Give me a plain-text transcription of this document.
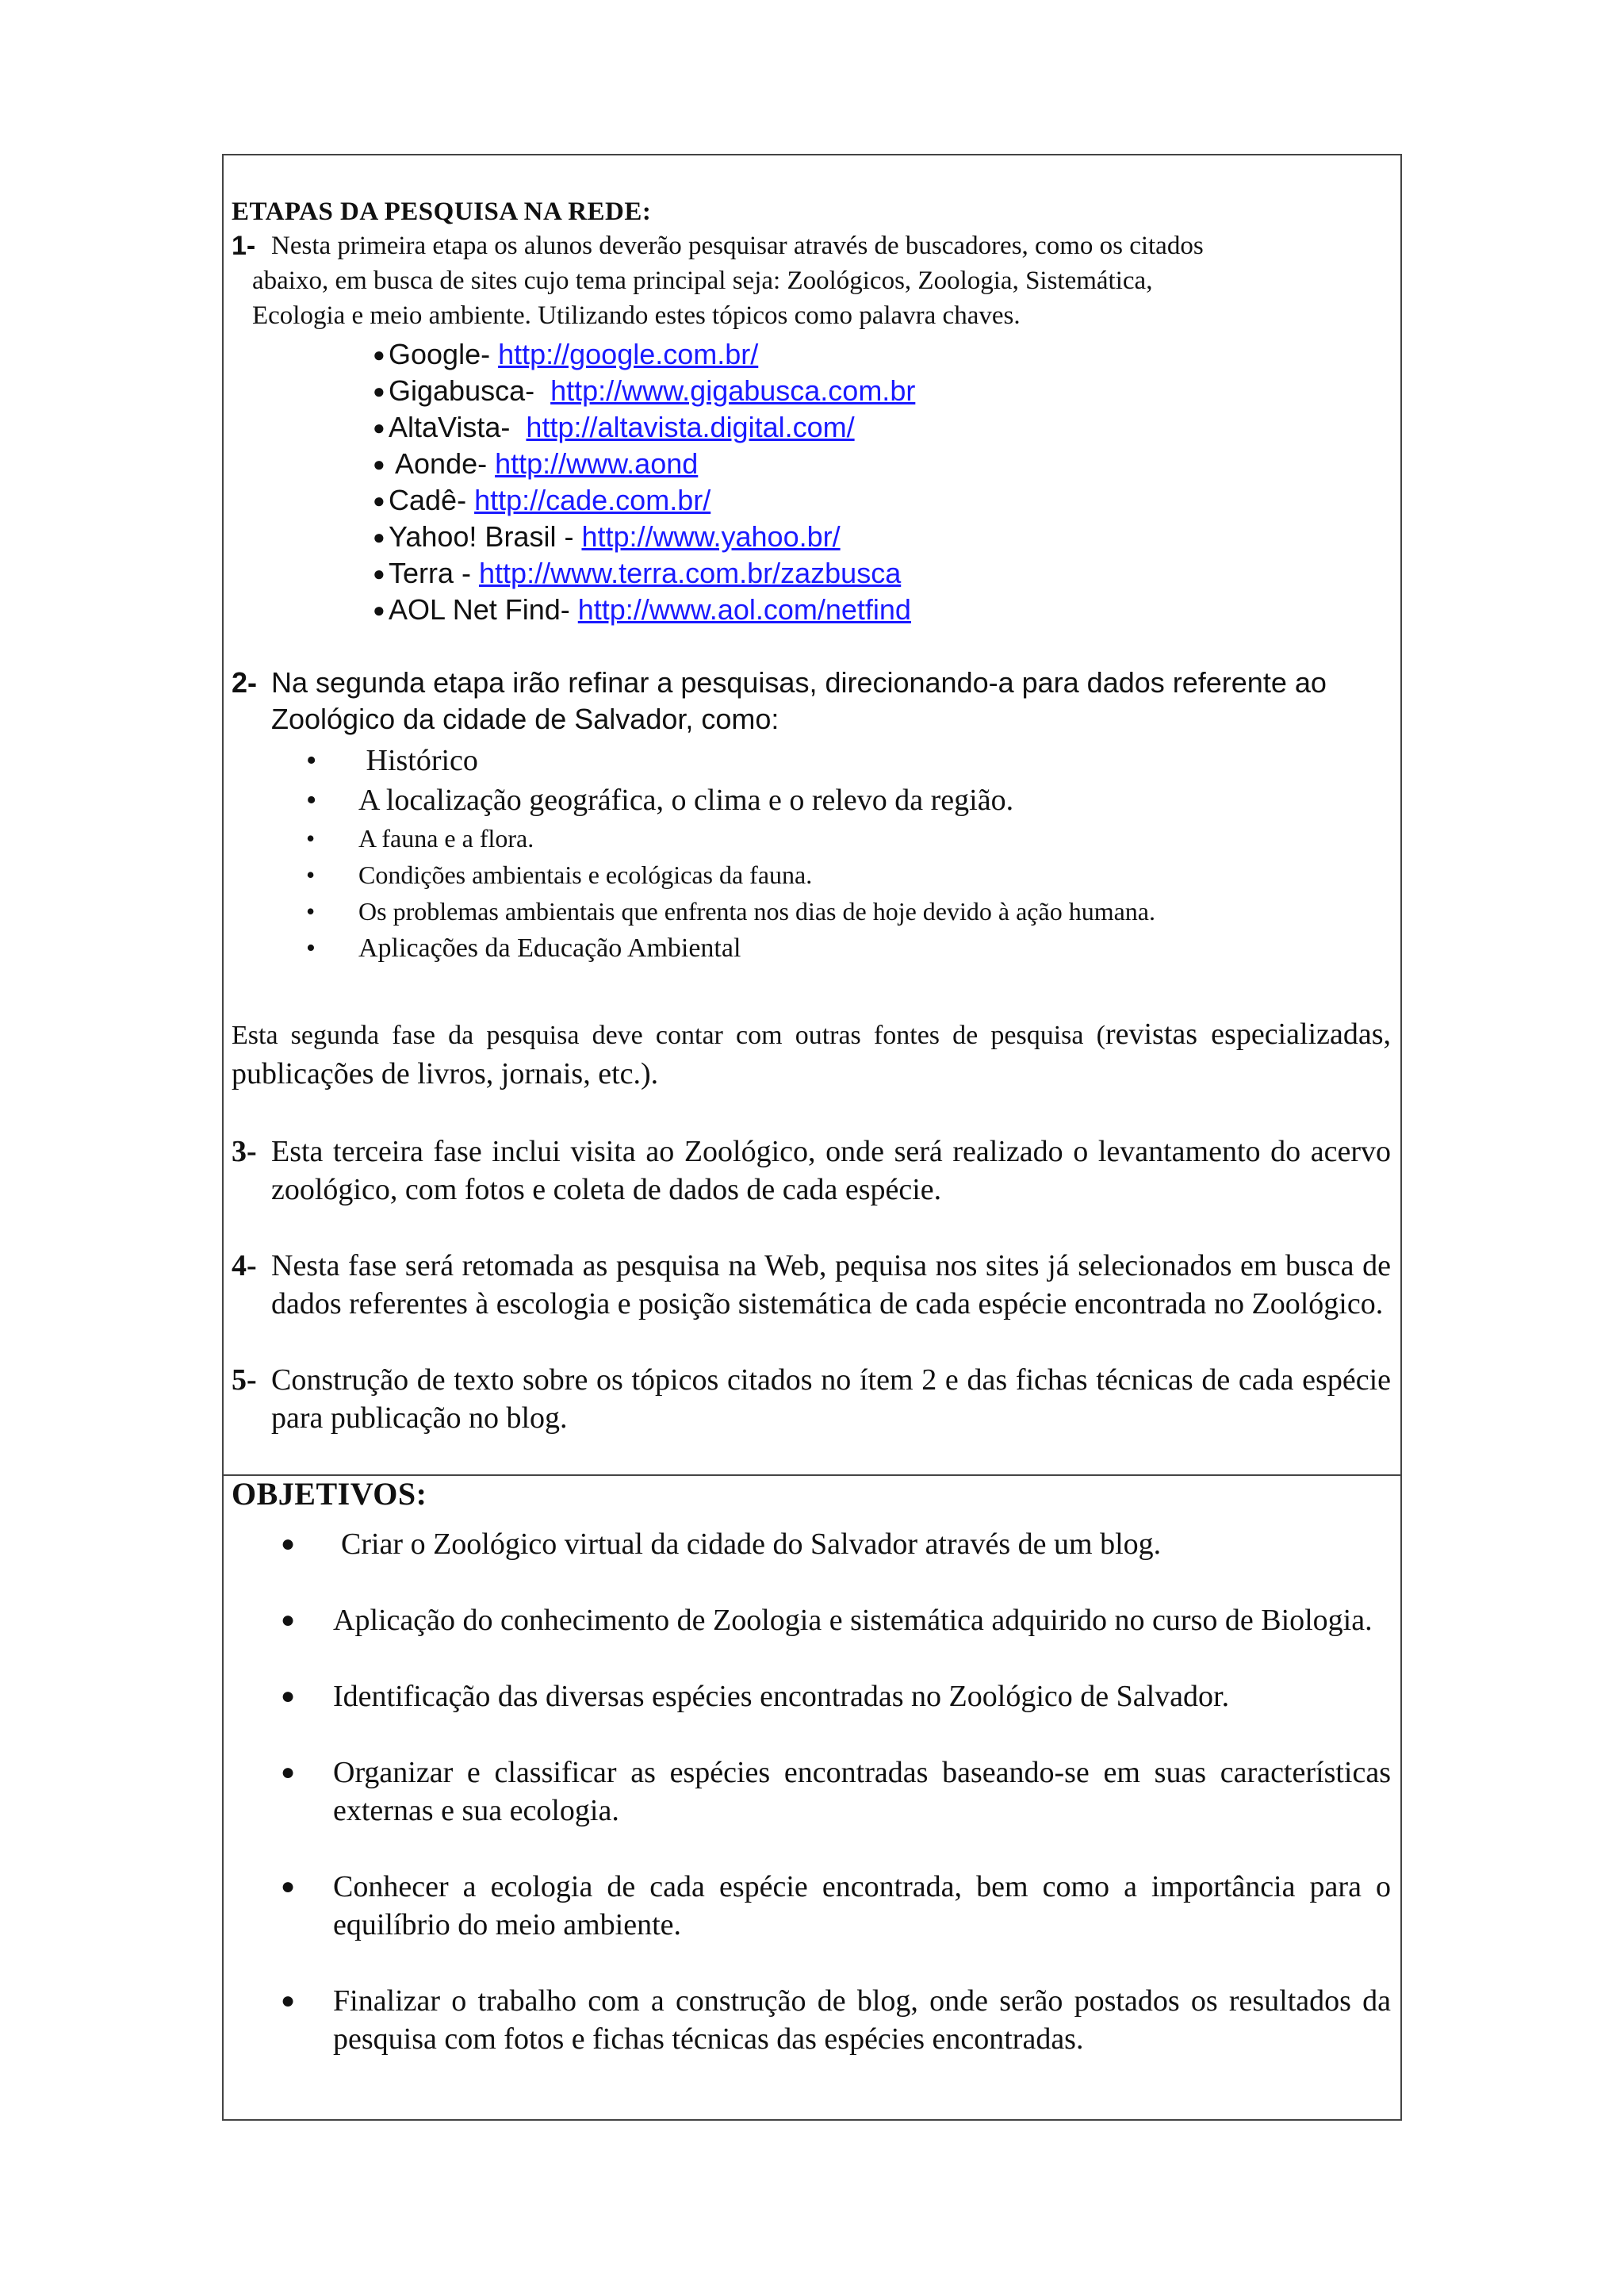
ETAPAS DA PESQUISA NA REDE:

1- Nesta primeira etapa os alunos deverão pesquisar através de buscadores, como os citados
abaixo, em busca de sites cujo tema principal seja: Zoológicos, Zoologia, Sistemática,
Ecologia e meio ambiente. Utilizando estes tópicos como palavra chaves.
● Google- http://google.com.br/
● Gigabusca-  http://www.gigabusca.com.br
● AltaVista-  http://altavista.digital.com/
● Aonde- http://www.aond
● Cadê- http://cade.com.br/
● Yahoo! Brasil - http://www.yahoo.br/
● Terra - http://www.terra.com.br/zazbusca
● AOL Net Find- http://www.aol.com/netfind
2- Na segunda etapa irão refinar a pesquisas, direcionando-a para dados referente ao Zoológico da cidade de Salvador, como:
• Histórico
• A localização geográfica, o clima e o relevo da região.
• A fauna e a flora.
• Condições ambientais e ecológicas da fauna.
• Os problemas ambientais que enfrenta nos dias de hoje devido à ação humana.
• Aplicações da Educação Ambiental

Esta segunda fase da pesquisa deve contar com outras fontes de pesquisa (revistas especializadas, publicações de livros, jornais, etc.).

3- Esta terceira fase inclui visita ao Zoológico, onde será realizado o levantamento do acervo zoológico, com fotos e coleta de dados de cada espécie.
4- Nesta fase será retomada as pesquisa na Web, pequisa nos sites já selecionados em busca de dados referentes à escologia e posição sistemática de cada espécie encontrada no Zoológico.
5- Construção de texto sobre os tópicos citados no ítem 2 e das fichas técnicas de cada espécie para publicação no blog.

OBJETIVOS:

● Criar o Zoológico virtual da cidade do Salvador através de um blog.
● Aplicação do conhecimento de Zoologia e sistemática adquirido no curso de Biologia.
● Identificação das diversas espécies encontradas no Zoológico de Salvador.
● Organizar e classificar as espécies encontradas baseando-se em suas características externas e sua ecologia.
● Conhecer a ecologia de cada espécie encontrada, bem como a importância para o equilíbrio do meio ambiente.
● Finalizar o trabalho com a construção de blog, onde serão postados os resultados da pesquisa com fotos e fichas técnicas das espécies encontradas.
